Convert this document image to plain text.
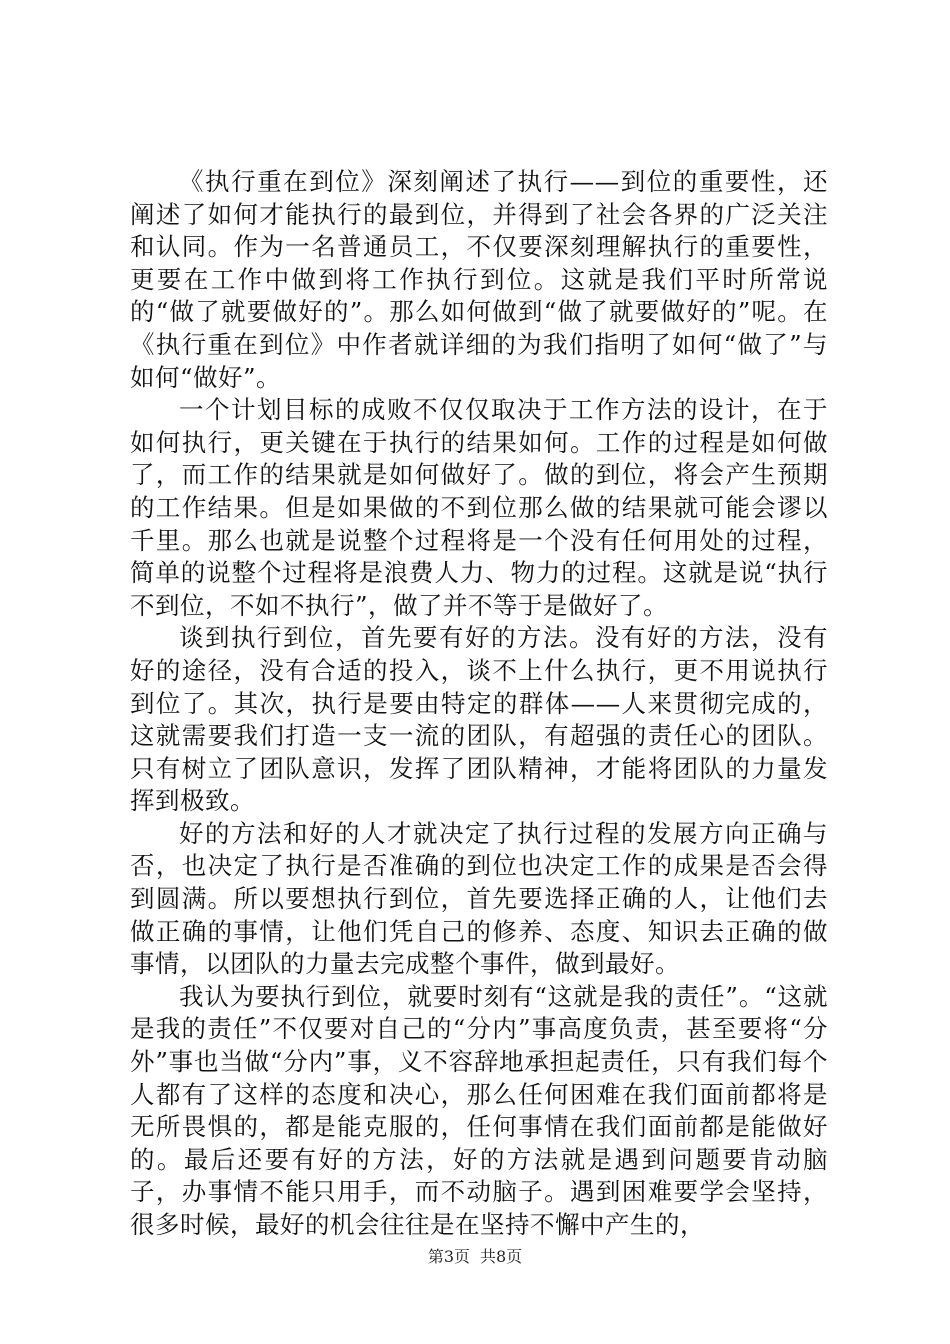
《执行重在到位》深刻阐述了执行——到位的重要性，还阐述了如何才能执行的最到位，并得到了社会各界的广泛关注和认同。作为一名普通员工，不仅要深刻理解执行的重要性，更要在工作中做到将工作执行到位。这就是我们平时所常说的“做了就要做好的”。那么如何做到“做了就要做好的”呢。在《执行重在到位》中作者就详细的为我们指明了如何“做了”与如何“做好”。

一个计划目标的成败不仅仅取决于工作方法的设计，在于如何执行，更关键在于执行的结果如何。工作的过程是如何做了，而工作的结果就是如何做好了。做的到位，将会产生预期的工作结果。但是如果做的不到位那么做的结果就可能会谬以千里。那么也就是说整个过程将是一个没有任何用处的过程，简单的说整个过程将是浪费人力、物力的过程。这就是说“执行不到位，不如不执行”，做了并不等于是做好了。

谈到执行到位，首先要有好的方法。没有好的方法，没有好的途径，没有合适的投入，谈不上什么执行，更不用说执行到位了。其次，执行是要由特定的群体——人来贯彻完成的，这就需要我们打造一支一流的团队，有超强的责任心的团队。只有树立了团队意识，发挥了团队精神，才能将团队的力量发挥到极致。

好的方法和好的人才就决定了执行过程的发展方向正确与否，也决定了执行是否准确的到位也决定工作的成果是否会得到圆满。所以要想执行到位，首先要选择正确的人，让他们去做正确的事情，让他们凭自己的修养、态度、知识去正确的做事情，以团队的力量去完成整个事件，做到最好。

我认为要执行到位，就要时刻有“这就是我的责任”。“这就是我的责任”不仅要对自己的“分内”事高度负责，甚至要将“分外”事也当做“分内”事，义不容辞地承担起责任，只有我们每个人都有了这样的态度和决心，那么任何困难在我们面前都将是无所畏惧的，都是能克服的，任何事情在我们面前都是能做好的。最后还要有好的方法，好的方法就是遇到问题要肯动脑子，办事情不能只用手，而不动脑子。遇到困难要学会坚持，很多时候，最好的机会往往是在坚持不懈中产生的，

第3页 共8页
